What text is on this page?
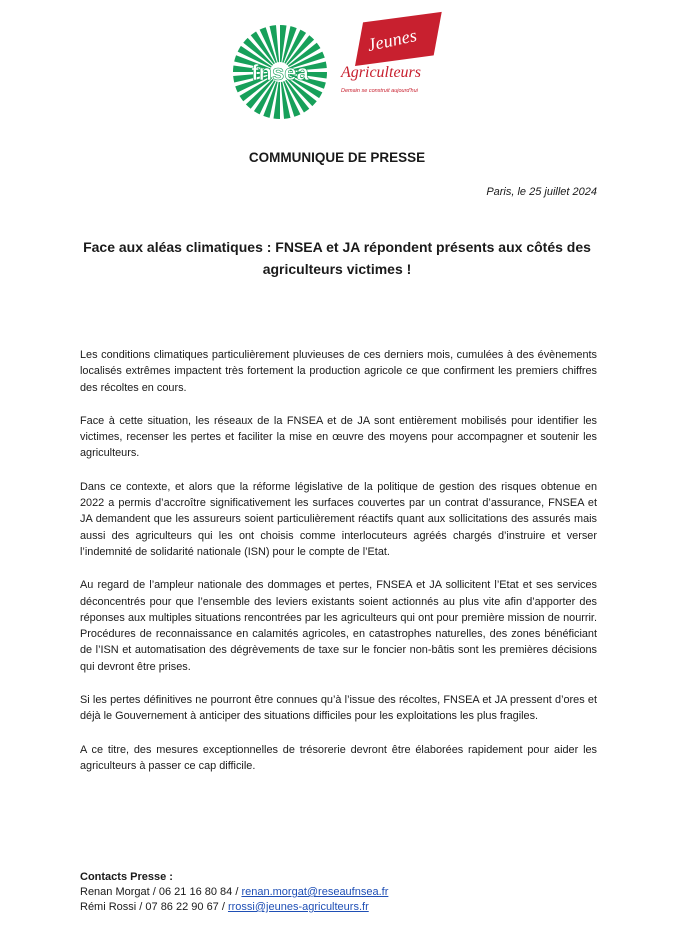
fnsea
Jeunes
Agriculteurs
Demain se construit aujourd'hui
COMMUNIQUE DE PRESSE
Paris, le 25 juillet 2024
Face aux aléas climatiques : FNSEA et JA répondent présents aux côtés des agriculteurs victimes !

Les conditions climatiques particulièrement pluvieuses de ces derniers mois, cumulées à des évènements localisés extrêmes impactent très fortement la production agricole ce que confirment les premiers chiffres des récoltes en cours.

Face à cette situation, les réseaux de la FNSEA et de JA sont entièrement mobilisés pour identifier les victimes, recenser les pertes et faciliter la mise en œuvre des moyens pour accompagner et soutenir les agriculteurs.

Dans ce contexte, et alors que la réforme législative de la politique de gestion des risques obtenue en 2022 a permis d’accroître significativement les surfaces couvertes par un contrat d’assurance, FNSEA et JA demandent que les assureurs soient particulièrement réactifs quant aux sollicitations des assurés mais aussi des agriculteurs qui les ont choisis comme interlocuteurs agréés chargés d’instruire et verser l’indemnité de solidarité nationale (ISN) pour le compte de l’Etat.

Au regard de l’ampleur nationale des dommages et pertes, FNSEA et JA sollicitent l’Etat et ses services déconcentrés pour que l’ensemble des leviers existants soient actionnés au plus vite afin d’apporter des réponses aux multiples situations rencontrées par les agriculteurs qui ont pour première mission de nourrir. Procédures de reconnaissance en calamités agricoles, en catastrophes naturelles, des zones bénéficiant de l’ISN et automatisation des dégrèvements de taxe sur le foncier non-bâtis sont les premières décisions qui devront être prises.

Si les pertes définitives ne pourront être connues qu’à l’issue des récoltes, FNSEA et JA pressent d’ores et déjà le Gouvernement à anticiper des situations difficiles pour les exploitations les plus fragiles.

A ce titre, des mesures exceptionnelles de trésorerie devront être élaborées rapidement pour aider les agriculteurs à passer ce cap difficile.

Contacts Presse :
Renan Morgat / 06 21 16 80 84 / renan.morgat@reseaufnsea.fr
Rémi Rossi / 07 86 22 90 67 / rrossi@jeunes-agriculteurs.fr
